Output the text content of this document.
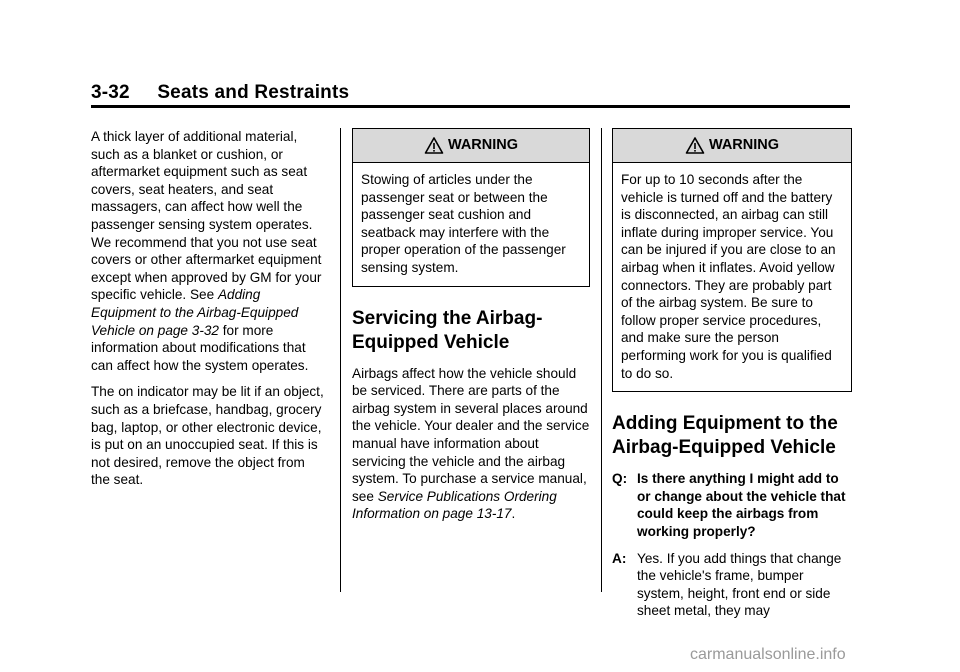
3-32 Seats and Restraints

A thick layer of additional material, such as a blanket or cushion, or aftermarket equipment such as seat covers, seat heaters, and seat massagers, can affect how well the passenger sensing system operates. We recommend that you not use seat covers or other aftermarket equipment except when approved by GM for your specific vehicle. See Adding Equipment to the Airbag-Equipped Vehicle on page 3-32 for more information about modifications that can affect how the system operates.

The on indicator may be lit if an object, such as a briefcase, handbag, grocery bag, laptop, or other electronic device, is put on an unoccupied seat. If this is not desired, remove the object from the seat.

WARNING
Stowing of articles under the passenger seat or between the passenger seat cushion and seatback may interfere with the proper operation of the passenger sensing system.
Servicing the Airbag-Equipped Vehicle

Airbags affect how the vehicle should be serviced. There are parts of the airbag system in several places around the vehicle. Your dealer and the service manual have information about servicing the vehicle and the airbag system. To purchase a service manual, see Service Publications Ordering Information on page 13-17.

WARNING
For up to 10 seconds after the vehicle is turned off and the battery is disconnected, an airbag can still inflate during improper service. You can be injured if you are close to an airbag when it inflates. Avoid yellow connectors. They are probably part of the airbag system. Be sure to follow proper service procedures, and make sure the person performing work for you is qualified to do so.
Adding Equipment to the Airbag-Equipped Vehicle
Q: Is there anything I might add to or change about the vehicle that could keep the airbags from working properly?
A: Yes. If you add things that change the vehicle's frame, bumper system, height, front end or side sheet metal, they may
carmanualsonline.info
